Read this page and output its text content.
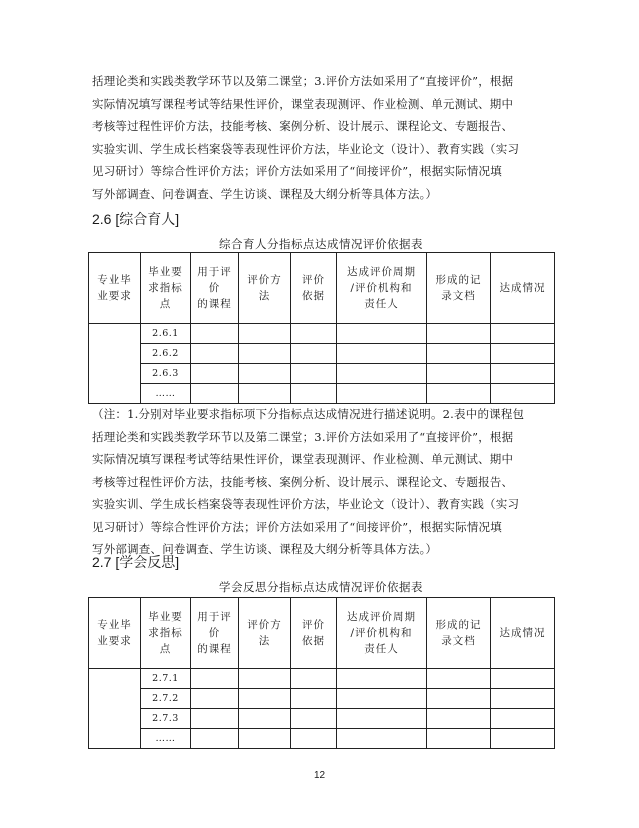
括理论类和实践类教学环节以及第二课堂；3.评价方法如采用了“直接评价”，根据
实际情况填写课程考试等结果性评价，课堂表现测评、作业检测、单元测试、期中
考核等过程性评价方法，技能考核、案例分析、设计展示、课程论文、专题报告、
实验实训、学生成长档案袋等表现性评价方法，毕业论文（设计）、教育实践（实习
见习研讨）等综合性评价方法；评价方法如采用了“间接评价”，根据实际情况填
写外部调查、问卷调查、学生访谈、课程及大纲分析等具体方法。）
2.6 [综合育人]
综合育人分指标点达成情况评价依据表
专业毕
业要求	毕业要
求指标
点	用于评
价
的课程	评价方
法	评价
依据	达成评价周期
/评价机构和
责任人	形成的记
录文档	达成情况
	2.6.1						
	2.6.2						
	2.6.3						
	……						
（注：1.分别对毕业要求指标项下分指标点达成情况进行描述说明。2.表中的课程包
括理论类和实践类教学环节以及第二课堂；3.评价方法如采用了“直接评价”，根据
实际情况填写课程考试等结果性评价，课堂表现测评、作业检测、单元测试、期中
考核等过程性评价方法，技能考核、案例分析、设计展示、课程论文、专题报告、
实验实训、学生成长档案袋等表现性评价方法，毕业论文（设计）、教育实践（实习
见习研讨）等综合性评价方法；评价方法如采用了“间接评价”，根据实际情况填
写外部调查、问卷调查、学生访谈、课程及大纲分析等具体方法。）
2.7 [学会反思]
学会反思分指标点达成情况评价依据表
专业毕
业要求	毕业要
求指标
点	用于评
价
的课程	评价方
法	评价
依据	达成评价周期
/评价机构和
责任人	形成的记
录文档	达成情况
	2.7.1						
	2.7.2						
	2.7.3						
	……						
12
